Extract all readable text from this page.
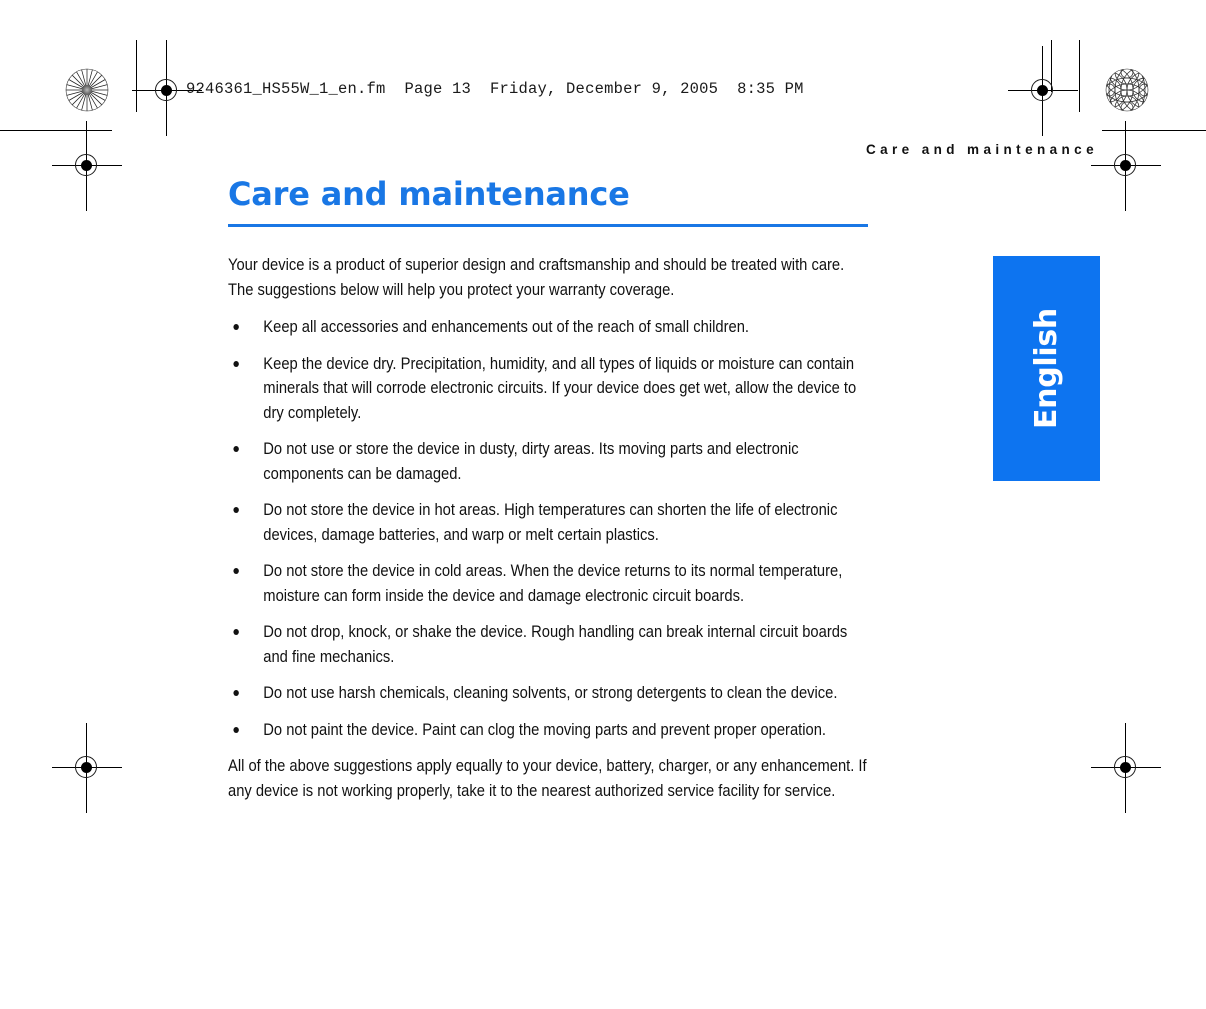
9246361_HS55W_1_en.fm  Page 13  Friday, December 9, 2005  8:35 PM
Care and maintenance
English
Care and maintenance

Your device is a product of superior design and craftsmanship and should be treated with care. The suggestions below will help you protect your warranty coverage.

Keep all accessories and enhancements out of the reach of small children.
Keep the device dry. Precipitation, humidity, and all types of liquids or moisture can contain minerals that will corrode electronic circuits. If your device does get wet, allow the device to dry completely.
Do not use or store the device in dusty, dirty areas. Its moving parts and electronic components can be damaged.
Do not store the device in hot areas. High temperatures can shorten the life of electronic devices, damage batteries, and warp or melt certain plastics.
Do not store the device in cold areas. When the device returns to its normal temperature, moisture can form inside the device and damage electronic circuit boards.
Do not drop, knock, or shake the device. Rough handling can break internal circuit boards and fine mechanics.
Do not use harsh chemicals, cleaning solvents, or strong detergents to clean the device.
Do not paint the device. Paint can clog the moving parts and prevent proper operation.

All of the above suggestions apply equally to your device, battery, charger, or any enhancement. If any device is not working properly, take it to the nearest authorized service facility for service.
